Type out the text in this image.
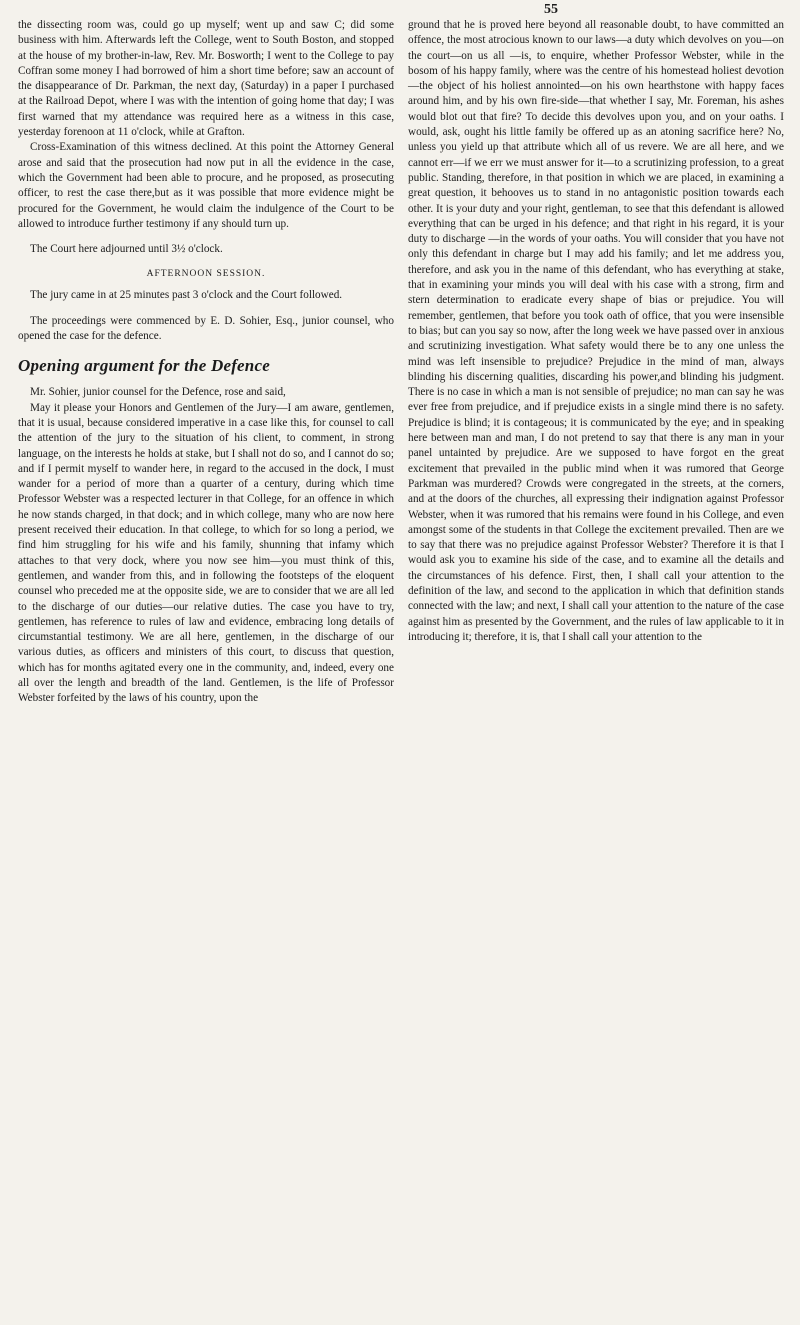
55

the dissecting room was, could go up myself; went up and saw C; did some business with him. Afterwards left the College, went to South Boston, and stopped at the house of my brother-in-law, Rev. Mr. Bosworth; I went to the College to pay Coffran some money I had borrowed of him a short time before; saw an account of the disappearance of Dr. Parkman, the next day, (Saturday) in a paper I purchased at the Railroad Depot, where I was with the intention of going home that day; I was first warned that my attendance was required here as a witness in this case, yesterday forenoon at 11 o'clock, while at Grafton.

Cross-Examination of this witness declined. At this point the Attorney General arose and said that the prosecution had now put in all the evidence in the case, which the Government had been able to procure, and he proposed, as prosecuting officer, to rest the case there,but as it was possible that more evidence might be procured for the Government, he would claim the indulgence of the Court to be allowed to introduce further testimony if any should turn up.

The Court here adjourned until 3½ o'clock.

AFTERNOON SESSION.

The jury came in at 25 minutes past 3 o'clock and the Court followed.

The proceedings were commenced by E. D. Sohier, Esq., junior counsel, who opened the case for the defence.

Opening argument for the Defence

Mr. Sohier, junior counsel for the Defence, rose and said,

May it please your Honors and Gentlemen of the Jury—I am aware, gentlemen, that it is usual, because considered imperative in a case like this, for counsel to call the attention of the jury to the situation of his client, to comment, in strong language, on the interests he holds at stake, but I shall not do so, and I cannot do so; and if I permit myself to wander here, in regard to the accused in the dock, I must wander for a period of more than a quarter of a century, during which time Professor Webster was a respected lecturer in that College, for an offence in which he now stands charged, in that dock; and in which college, many who are now here present received their education. In that college, to which for so long a period, we find him struggling for his wife and his family, shunning that infamy which attaches to that very dock, where you now see him—you must think of this, gentlemen, and wander from this, and in following the footsteps of the eloquent counsel who preceded me at the opposite side, we are to consider that we are all led to the discharge of our duties—our relative duties. The case you have to try, gentlemen, has reference to rules of law and evidence, embracing long details of circumstantial testimony. We are all here, gentlemen, in the discharge of our various duties, as officers and ministers of this court, to discuss that question, which has for months agitated every one in the community, and, indeed, every one all over the length and breadth of the land. Gentlemen, is the life of Professor Webster forfeited by the laws of his country, upon the

ground that he is proved here beyond all reasonable doubt, to have committed an offence, the most atrocious known to our laws—a duty which devolves on you—on the court—on us all —is, to enquire, whether Professor Webster, while in the bosom of his happy family, where was the centre of his homestead holiest devotion —the object of his holiest annointed—on his own hearthstone with happy faces around him, and by his own fire-side—that whether I say, Mr. Foreman, his ashes would blot out that fire? To decide this devolves upon you, and on your oaths. I would, ask, ought his little family be offered up as an atoning sacrifice here? No, unless you yield up that attribute which all of us revere. We are all here, and we cannot err—if we err we must answer for it—to a scrutinizing profession, to a great public. Standing, therefore, in that position in which we are placed, in examining a great question, it behooves us to stand in no antagonistic position towards each other. It is your duty and your right, gentleman, to see that this defendant is allowed everything that can be urged in his defence; and that right in his regard, it is your duty to discharge —in the words of your oaths. You will consider that you have not only this defendant in charge but I may add his family; and let me address you, therefore, and ask you in the name of this defendant, who has everything at stake, that in examining your minds you will deal with his case with a strong, firm and stern determination to eradicate every shape of bias or prejudice. You will remember, gentlemen, that before you took oath of office, that you were insensible to bias; but can you say so now, after the long week we have passed over in anxious and scrutinizing investigation. What safety would there be to any one unless the mind was left insensible to prejudice? Prejudice in the mind of man, always blinding his discerning qualities, discarding his power,and blinding his judgment. There is no case in which a man is not sensible of prejudice; no man can say he was ever free from prejudice, and if prejudice exists in a single mind there is no safety. Prejudice is blind; it is contageous; it is communicated by the eye; and in speaking here between man and man, I do not pretend to say that there is any man in your panel untainted by prejudice. Are we supposed to have forgot en the great excitement that prevailed in the public mind when it was rumored that George Parkman was murdered? Crowds were congregated in the streets, at the corners, and at the doors of the churches, all expressing their indignation against Professor Webster, when it was rumored that his remains were found in his College, and even amongst some of the students in that College the excitement prevailed. Then are we to say that there was no prejudice against Professor Webster? Therefore it is that I would ask you to examine his side of the case, and to examine all the details and the circumstances of his defence. First, then, I shall call your attention to the definition of the law, and second to the application in which that definition stands connected with the law; and next, I shall call your attention to the nature of the case against him as presented by the Government, and the rules of law applicable to it in introducing it; therefore, it is, that I shall call your attention to the
